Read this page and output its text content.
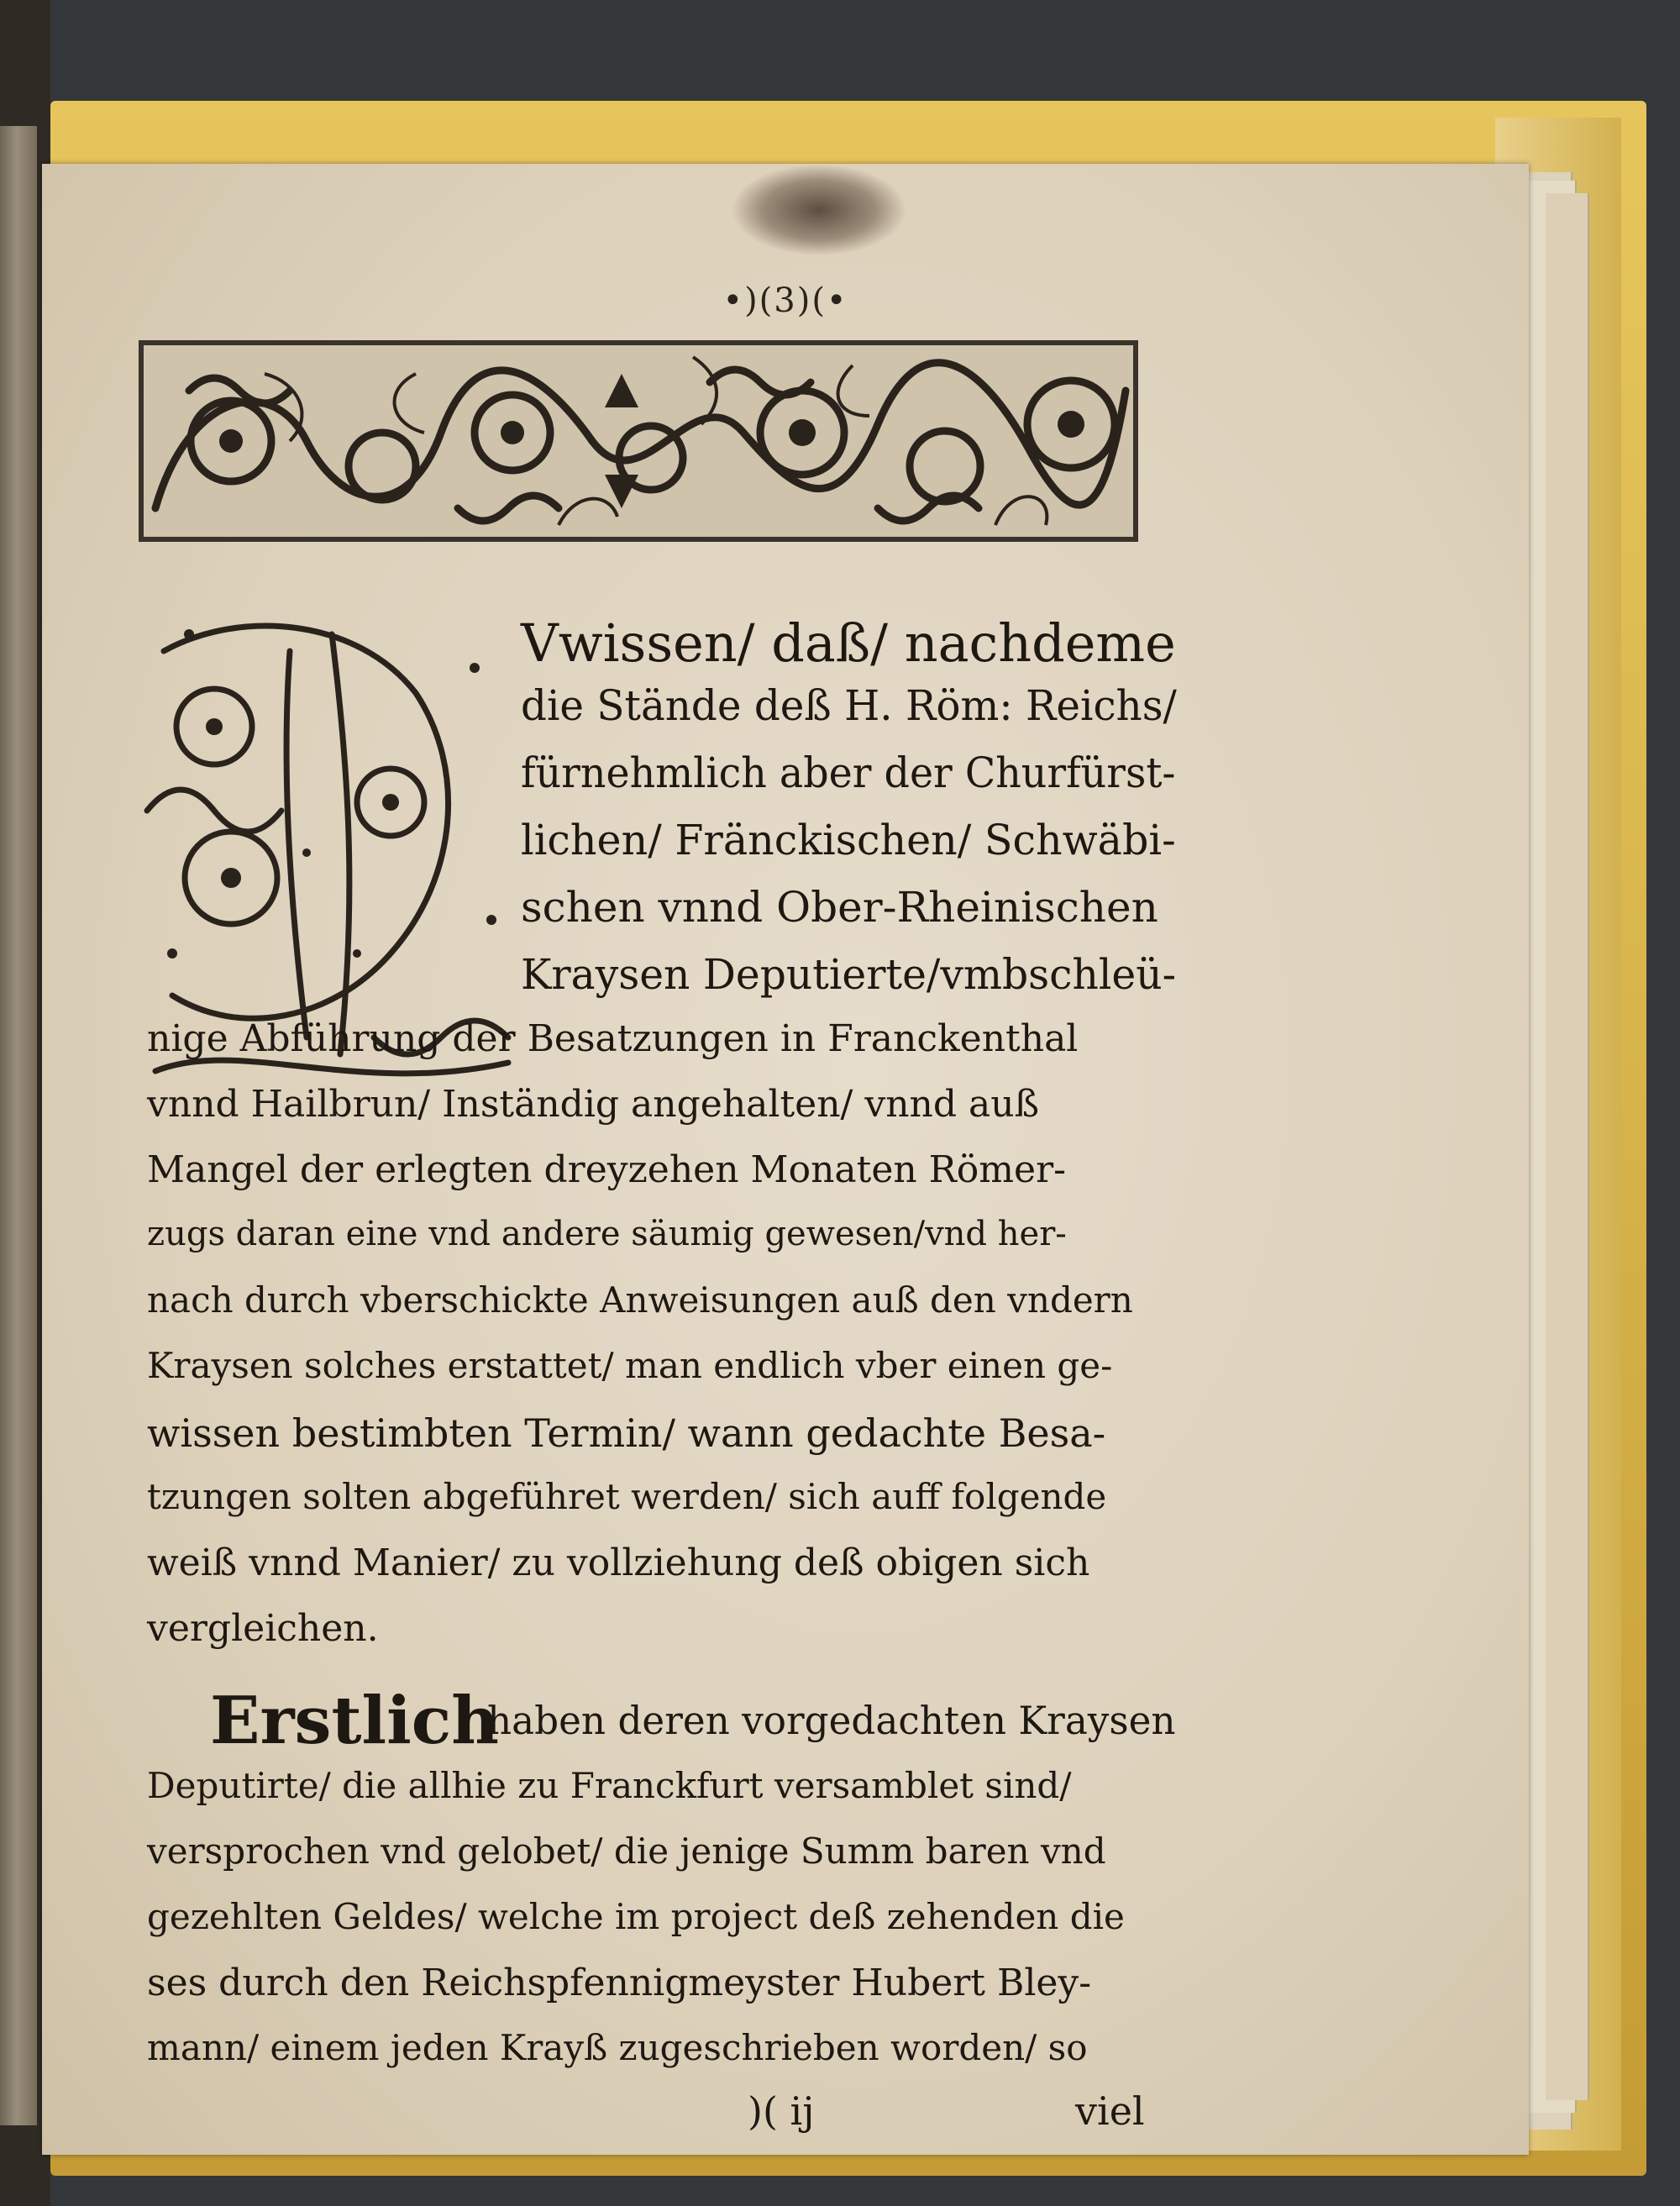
•)(3)(•
Vwissen/ daß/ nachdeme
die Stände deß H. Röm: Reichs/
fürnehmlich aber der Churfürst-
lichen/ Fränckischen/ Schwäbi-
schen vnnd Ober-Rheinischen
Kraysen Deputierte/vmbschleü-
nige Abführung der Besatzungen in Franckenthal
vnnd Hailbrun/ Inständig angehalten/ vnnd auß
Mangel der erlegten dreyzehen Monaten Römer-
zugs daran eine vnd andere säumig gewesen/vnd her-
nach durch vberschickte Anweisungen auß den vndern
Kraysen solches erstattet/ man endlich vber einen ge-
wissen bestimbten Termin/ wann gedachte Besa-
tzungen solten abgeführet werden/ sich auff folgende
weiß vnnd Manier/ zu vollziehung deß obigen sich
vergleichen.
Erstlich
haben deren vorgedachten Kraysen
Deputirte/ die allhie zu Franckfurt versamblet sind/
versprochen vnd gelobet/ die jenige Summ baren vnd
gezehlten Geldes/ welche im project deß zehenden die
ses durch den Reichspfennigmeyster Hubert Bley-
mann/ einem jeden Krayß zugeschrieben worden/ so
)( ij	viel
